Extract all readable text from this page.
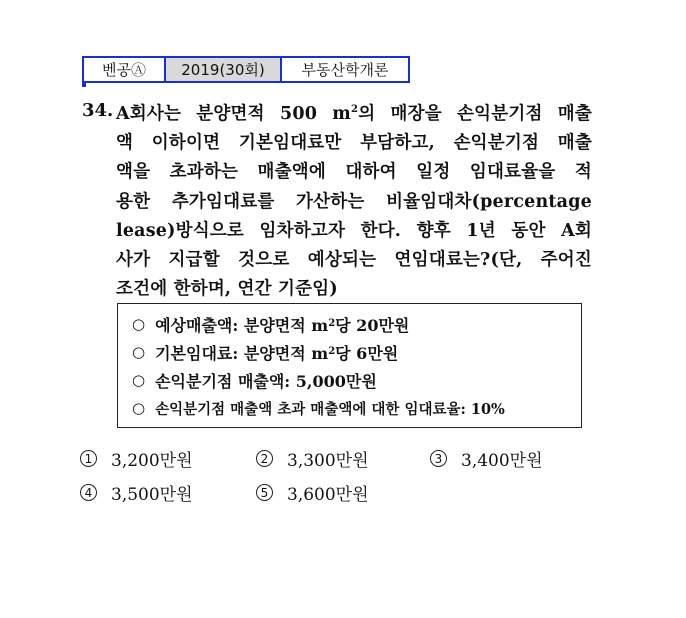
벤공Ⓐ	2019(30회)	부동산학개론
34. A회사는 분양면적 500 $m^2$의 매장을 손익분기점 매출
액 이하이면 기본임대료만 부담하고, 손익분기점 매출
액을 초과하는 매출액에 대하여 일정 임대료율을 적
용한 추가임대료를 가산하는 비율임대차(percentage
lease)방식으로 임차하고자 한다. 향후 1년 동안 A회
사가 지급할 것으로 예상되는 연임대료는?(단, 주어진
조건에 한하며, 연간 기준임)
○ 예상매출액: 분양면적 m 2 당 20만원
○ 기본임대료: 분양면적 m 2 당 6만원
○ 손익분기점 매출액: 5,000만원
○ 손익분기점 매출액 초과 매출액에 대한 임대료율: 10%
1 3,200만원	2 3,300만원	3 3,400만원
4 3,500만원	5 3,600만원
